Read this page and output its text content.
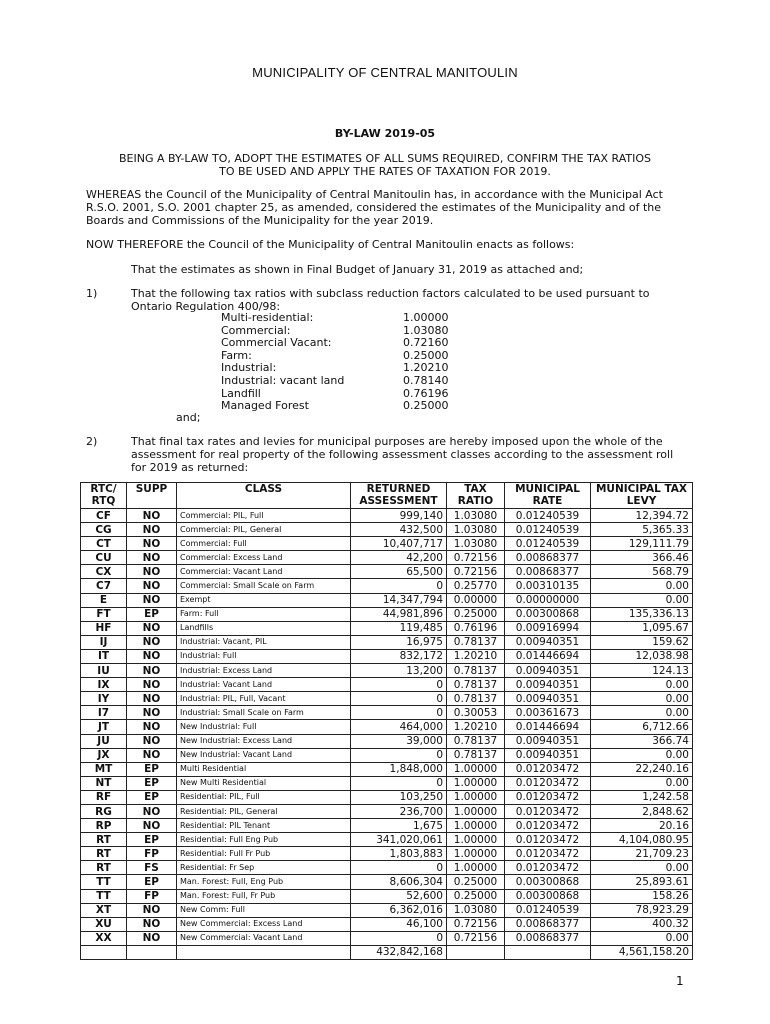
MUNICIPALITY OF CENTRAL MANITOULIN
BY-LAW 2019-05
BEING A BY-LAW TO, ADOPT THE ESTIMATES OF ALL SUMS REQUIRED, CONFIRM THE TAX RATIOS TO BE USED AND APPLY THE RATES OF TAXATION FOR 2019.
WHEREAS the Council of the Municipality of Central Manitoulin has, in accordance with the Municipal Act R.S.O. 2001, S.O. 2001 chapter 25, as amended, considered the estimates of the Municipality and of the Boards and Commissions of the Municipality for the year 2019.
NOW THEREFORE the Council of the Municipality of Central Manitoulin enacts as follows:
That the estimates as shown in Final Budget of January 31, 2019 as attached and;
1)	That the following tax ratios with subclass reduction factors calculated to be used pursuant to Ontario Regulation 400/98:
Multi-residential:	1.00000
Commercial:	1.03080
Commercial Vacant:	0.72160
Farm:	0.25000
Industrial:	1.20210
Industrial: vacant land	0.78140
Landfill	0.76196
Managed Forest	0.25000
and;
2)	That final tax rates and levies for municipal purposes are hereby imposed upon the whole of the assessment for real property of the following assessment classes according to the assessment roll for 2019 as returned:
RTC/ RTQ	SUPP	CLASS	RETURNED ASSESSMENT	TAX RATIO	MUNICIPAL RATE	MUNICIPAL TAX LEVY
CF	NO	Commercial: PIL, Full	999,140	1.03080	0.01240539	12,394.72
CG	NO	Commercial: PIL, General	432,500	1.03080	0.01240539	5,365.33
CT	NO	Commercial: Full	10,407,717	1.03080	0.01240539	129,111.79
CU	NO	Commercial: Excess Land	42,200	0.72156	0.00868377	366.46
CX	NO	Commercial: Vacant Land	65,500	0.72156	0.00868377	568.79
C7	NO	Commercial: Small Scale on Farm	0	0.25770	0.00310135	0.00
E	NO	Exempt	14,347,794	0.00000	0.00000000	0.00
FT	EP	Farm: Full	44,981,896	0.25000	0.00300868	135,336.13
HF	NO	Landfills	119,485	0.76196	0.00916994	1,095.67
IJ	NO	Industrial: Vacant, PIL	16,975	0.78137	0.00940351	159.62
IT	NO	Industrial: Full	832,172	1.20210	0.01446694	12,038.98
IU	NO	Industrial: Excess Land	13,200	0.78137	0.00940351	124.13
IX	NO	Industrial: Vacant Land	0	0.78137	0.00940351	0.00
IY	NO	Industrial: PIL, Full, Vacant	0	0.78137	0.00940351	0.00
I7	NO	Industrial: Small Scale on Farm	0	0.30053	0.00361673	0.00
JT	NO	New Industrial: Full	464,000	1.20210	0.01446694	6,712.66
JU	NO	New Industrial: Excess Land	39,000	0.78137	0.00940351	366.74
JX	NO	New Industrial: Vacant Land	0	0.78137	0.00940351	0.00
MT	EP	Multi Residential	1,848,000	1.00000	0.01203472	22,240.16
NT	EP	New Multi Residential	0	1.00000	0.01203472	0.00
RF	EP	Residential: PIL, Full	103,250	1.00000	0.01203472	1,242.58
RG	NO	Residential: PIL, General	236,700	1.00000	0.01203472	2,848.62
RP	NO	Residential: PIL Tenant	1,675	1.00000	0.01203472	20.16
RT	EP	Residential: Full Eng Pub	341,020,061	1.00000	0.01203472	4,104,080.95
RT	FP	Residential: Full Fr Pub	1,803,883	1.00000	0.01203472	21,709.23
RT	FS	Residential: Fr Sep	0	1.00000	0.01203472	0.00
TT	EP	Man. Forest: Full, Eng Pub	8,606,304	0.25000	0.00300868	25,893.61
TT	FP	Man. Forest: Full, Fr Pub	52,600	0.25000	0.00300868	158.26
XT	NO	New Comm: Full	6,362,016	1.03080	0.01240539	78,923.29
XU	NO	New Commercial: Excess Land	46,100	0.72156	0.00868377	400.32
XX	NO	New Commercial: Vacant Land	0	0.72156	0.00868377	0.00
			432,842,168			4,561,158.20
1
